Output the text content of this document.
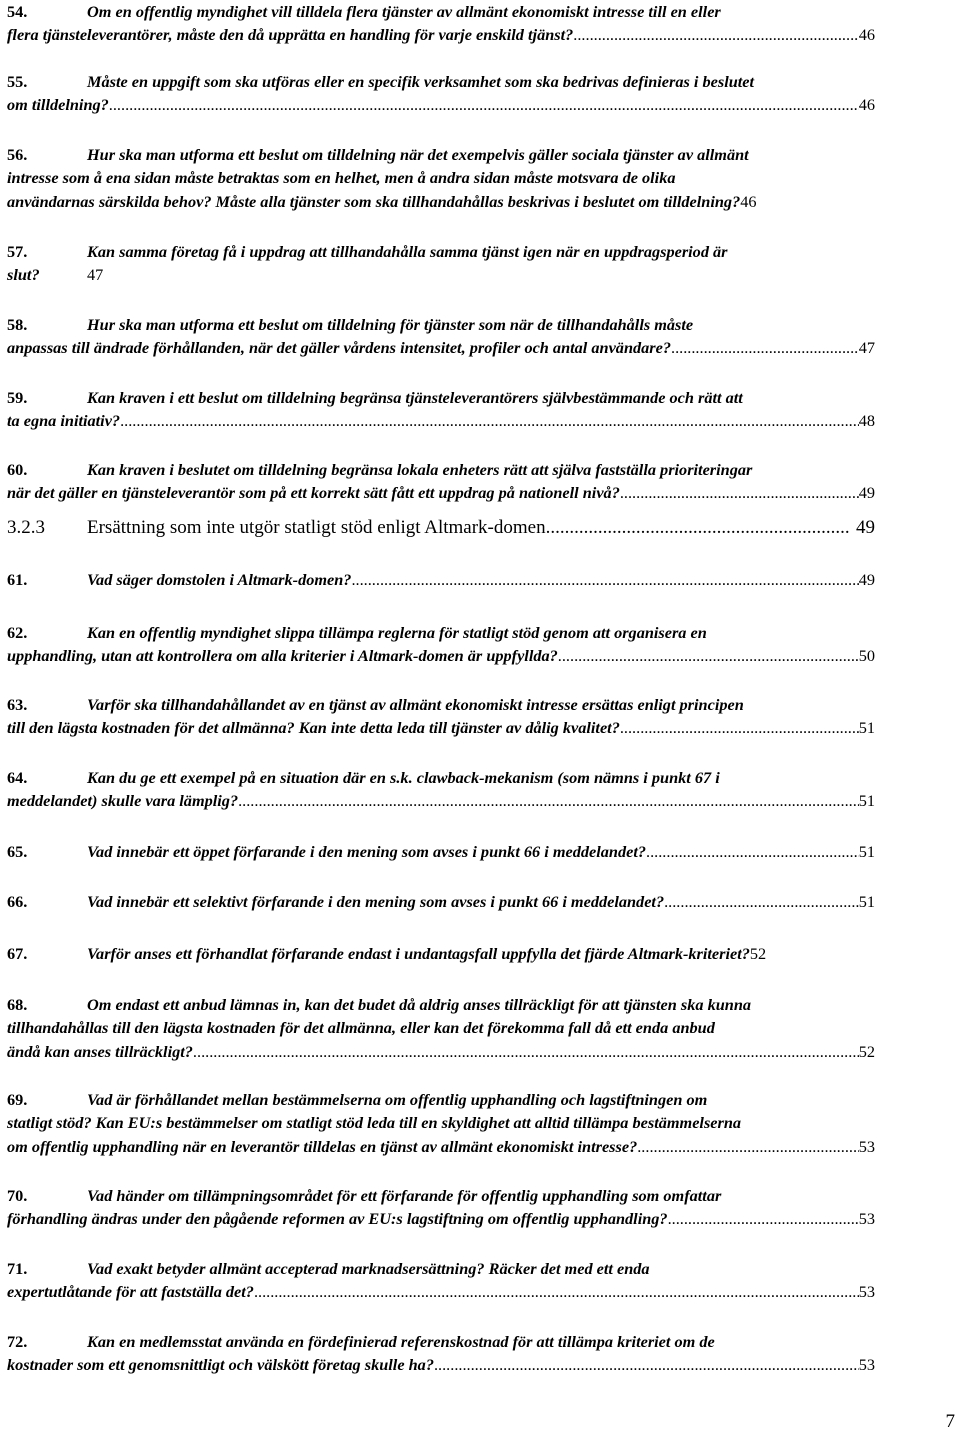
54.	Om en offentlig myndighet vill tilldela flera tjänster av allmänt ekonomiskt intresse till en eller
flera tjänsteleverantörer, måste den då upprätta en handling för varje enskild tjänst? .....	46
55.	Måste en uppgift som ska utföras eller en specifik verksamhet som ska bedrivas definieras i beslutet
om tilldelning? .....	46
56.	Hur ska man utforma ett beslut om tilldelning när det exempelvis gäller sociala tjänster av allmänt
intresse som å ena sidan måste betraktas som en helhet, men å andra sidan måste motsvara de olika
användarnas särskilda behov? Måste alla tjänster som ska tillhandahållas beskrivas i beslutet om tilldelning? 46
57.	Kan samma företag få i uppdrag att tillhandahålla samma tjänst igen när en uppdragsperiod är
slut?	47
58.	Hur ska man utforma ett beslut om tilldelning för tjänster som när de tillhandahålls måste
anpassas till ändrade förhållanden, när det gäller vårdens intensitet, profiler och antal användare? .....	47
59.	Kan kraven i ett beslut om tilldelning begränsa tjänsteleverantörers självbestämmande och rätt att
ta egna initiativ? .....	48
60.	Kan kraven i beslutet om tilldelning begränsa lokala enheters rätt att själva fastställa prioriteringar
när det gäller en tjänsteleverantör som på ett korrekt sätt fått ett uppdrag på nationell nivå? .....	49
3.2.3	Ersättning som inte utgör statligt stöd enligt Altmark-domen .....	49
61.	Vad säger domstolen i Altmark-domen? .....	49
62.	Kan en offentlig myndighet slippa tillämpa reglerna för statligt stöd genom att organisera en
upphandling, utan att kontrollera om alla kriterier i Altmark-domen är uppfyllda? .....	50
63.	Varför ska tillhandahållandet av en tjänst av allmänt ekonomiskt intresse ersättas enligt principen
till den lägsta kostnaden för det allmänna? Kan inte detta leda till tjänster av dålig kvalitet? .....	51
64.	Kan du ge ett exempel på en situation där en s.k. clawback-mekanism (som nämns i punkt 67 i
meddelandet) skulle vara lämplig? .....	51
65.	Vad innebär ett öppet förfarande i den mening som avses i punkt 66 i meddelandet? .....	51
66.	Vad innebär ett selektivt förfarande i den mening som avses i punkt 66 i meddelandet? .....	51
67.	Varför anses ett förhandlat förfarande endast i undantagsfall uppfylla det fjärde Altmark-kriteriet? 52
68.	Om endast ett anbud lämnas in, kan det budet då aldrig anses tillräckligt för att tjänsten ska kunna
tillhandahållas till den lägsta kostnaden för det allmänna, eller kan det förekomma fall då ett enda anbud
ändå kan anses tillräckligt? .....	52
69.	Vad är förhållandet mellan bestämmelserna om offentlig upphandling och lagstiftningen om
statligt stöd? Kan EU:s bestämmelser om statligt stöd leda till en skyldighet att alltid tillämpa bestämmelserna
om offentlig upphandling när en leverantör tilldelas en tjänst av allmänt ekonomiskt intresse? .....	53
70.	Vad händer om tillämpningsområdet för ett förfarande för offentlig upphandling som omfattar
förhandling ändras under den pågående reformen av EU:s lagstiftning om offentlig upphandling? .....	53
71.	Vad exakt betyder allmänt accepterad marknadsersättning? Räcker det med ett enda
expertutlåtande för att fastställa det? .....	53
72.	Kan en medlemsstat använda en fördefinierad referenskostnad för att tillämpa kriteriet om de
kostnader som ett genomsnittligt och välskött företag skulle ha? .....	53
7
